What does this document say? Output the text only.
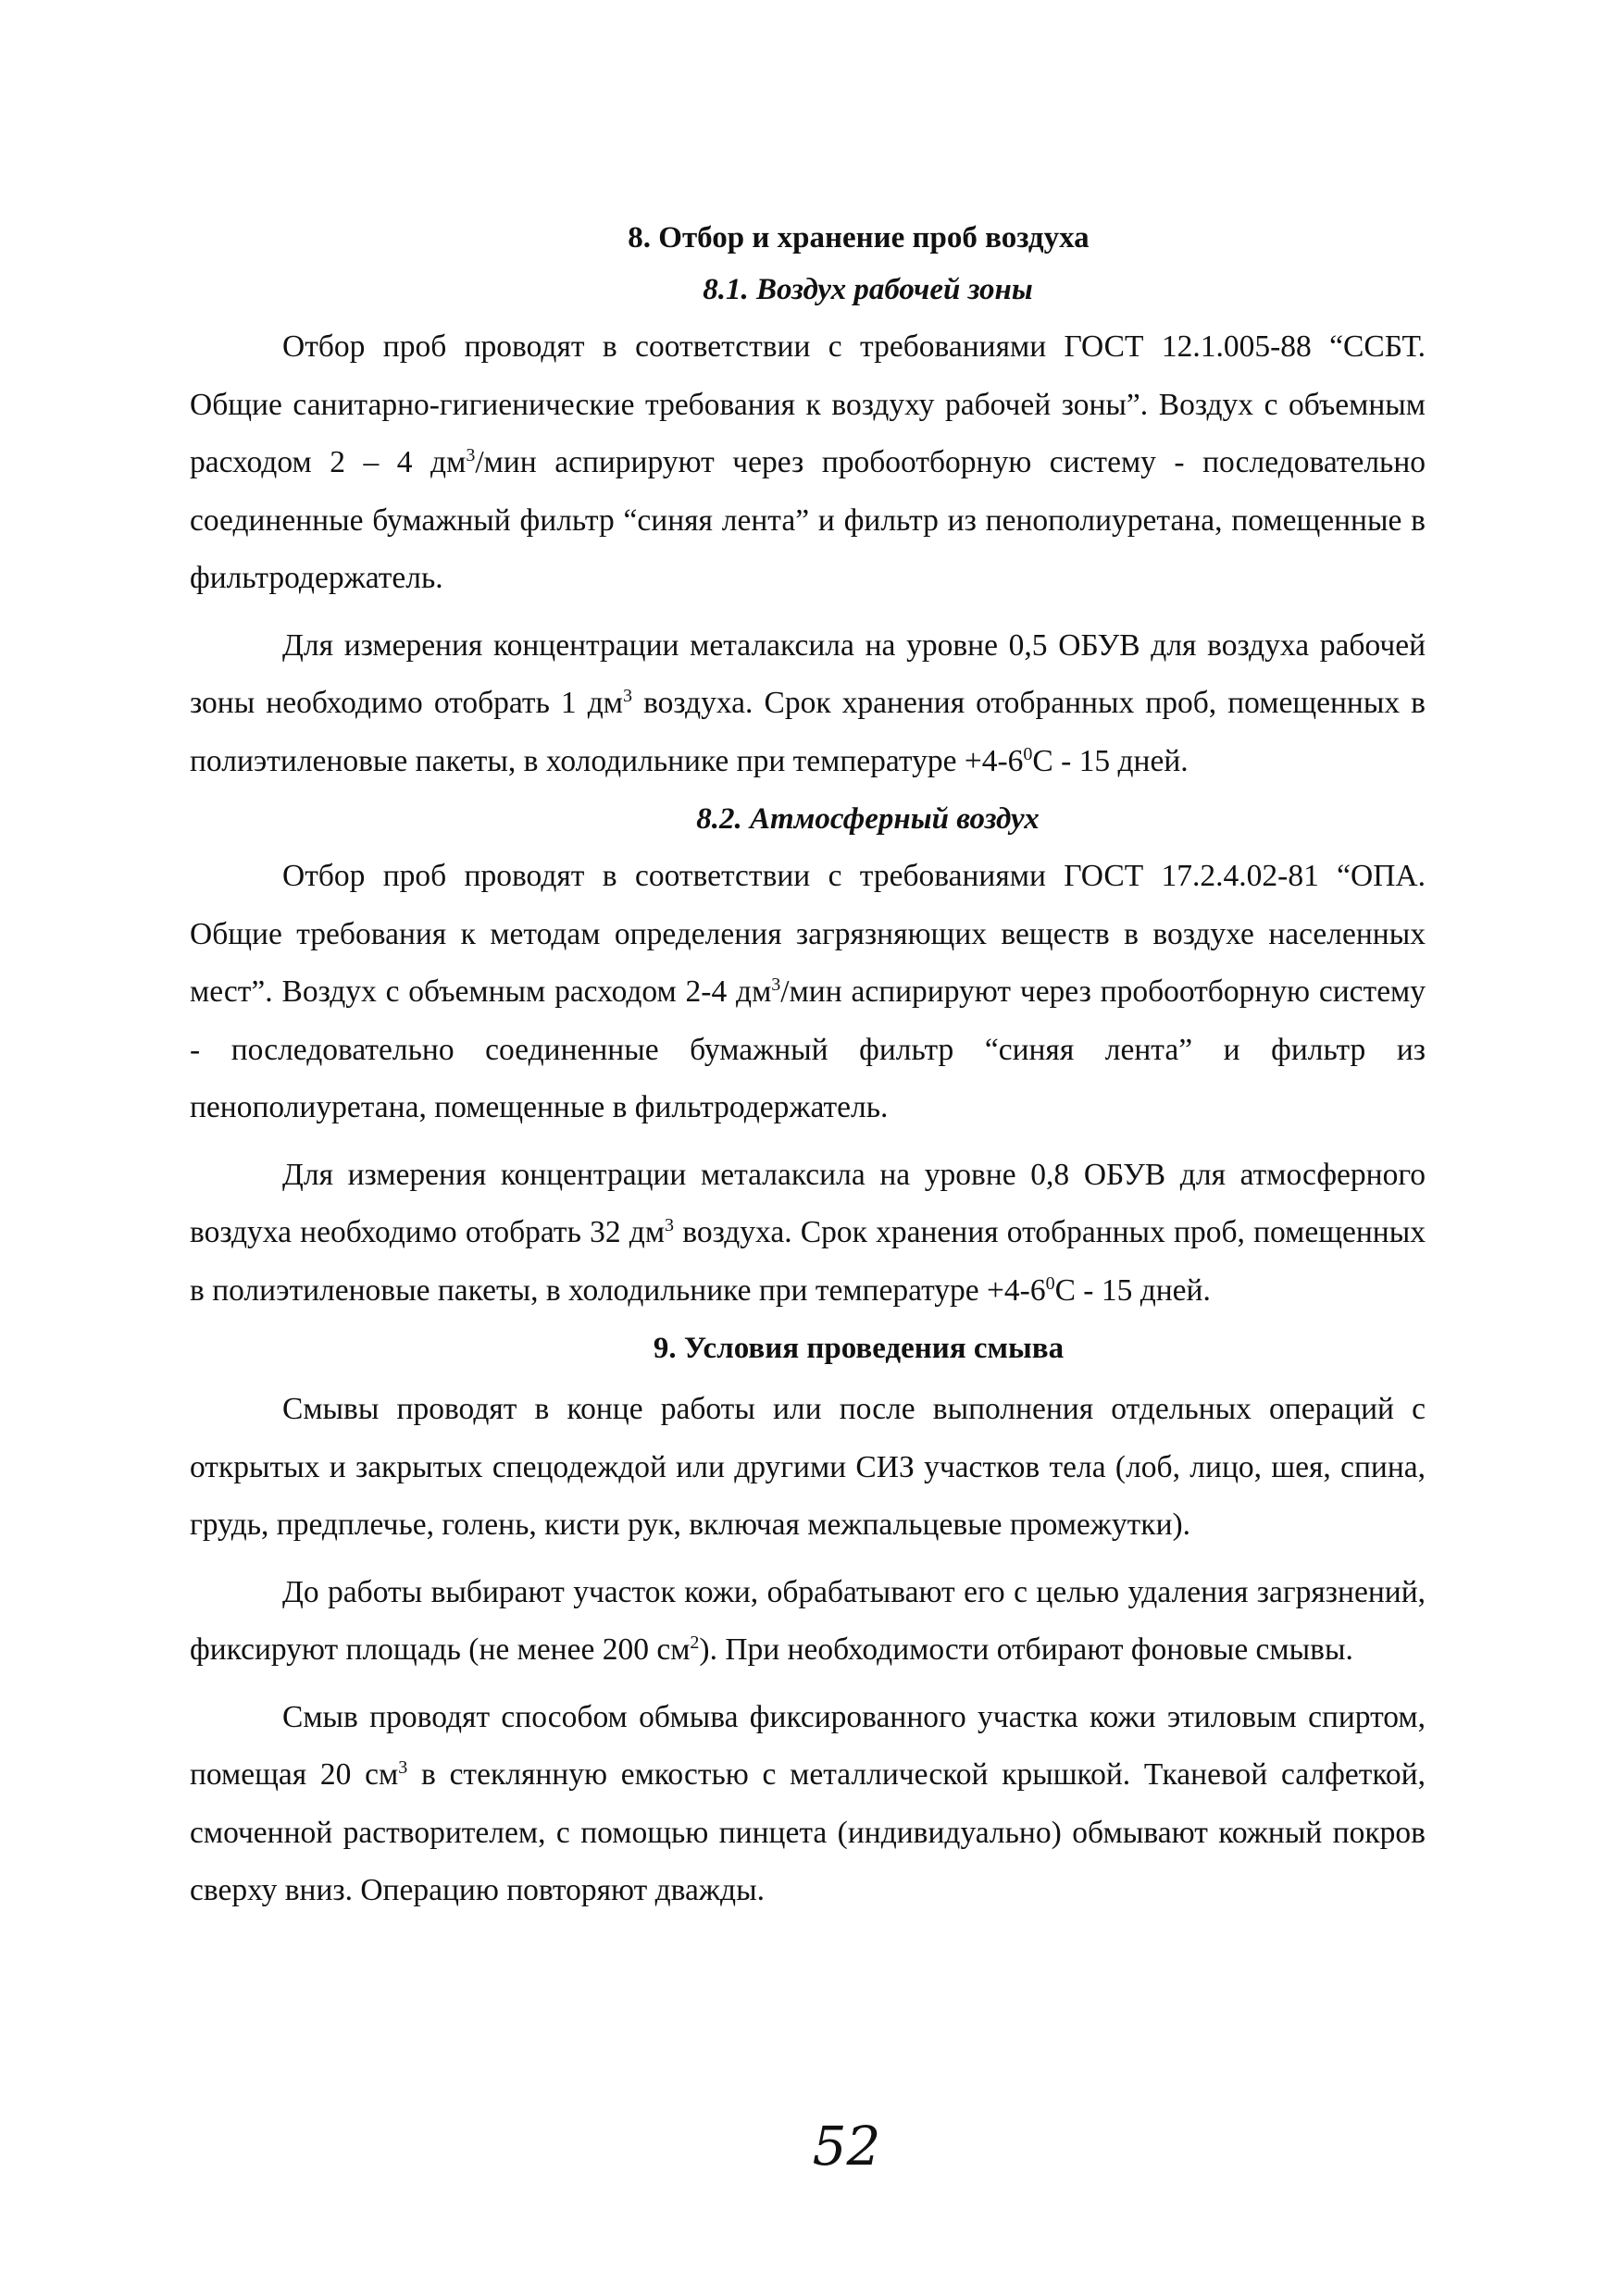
8. Отбор и хранение проб воздуха
8.1. Воздух рабочей зоны

Отбор проб проводят в соответствии с требованиями ГОСТ 12.1.005-88 “ССБТ. Общие санитарно-гигиенические требования к воздуху рабочей зоны”. Воздух с объемным расходом 2 – 4 $дм^3$/мин аспирируют через пробоотборную систему - последовательно соединенные бумажный фильтр “синяя лента” и фильтр из пенополиуретана, помещенные в фильтродержатель.

Для измерения концентрации металаксила на уровне 0,5 ОБУВ для воздуха рабочей зоны необходимо отобрать 1 $дм^3$ воздуха. Срок хранения отобранных проб, помещенных в полиэтиленовые пакеты, в холодильнике при температуре $+4-6^0С - 15$ дней.

8.2. Атмосферный воздух

Отбор проб проводят в соответствии с требованиями ГОСТ 17.2.4.02-81 “ОПА. Общие требования к методам определения загрязняющих веществ в воздухе населенных мест”. Воздух с объемным расходом 2-4 $дм^3$/мин аспирируют через пробоотборную систему - последовательно соединенные бумажный фильтр “синяя лента” и фильтр из пенополиуретана, помещенные в фильтродержатель.

Для измерения концентрации металаксила на уровне 0,8 ОБУВ для атмосферного воздуха необходимо отобрать 32 $дм^3$ воздуха. Срок хранения отобранных проб, помещенных в полиэтиленовые пакеты, в холодильнике при температуре $+4-6^0С - 15$ дней.

9. Условия проведения смыва

Смывы проводят в конце работы или после выполнения отдельных операций с открытых и закрытых спецодеждой или другими СИЗ участков тела (лоб, лицо, шея, спина, грудь, предплечье, голень, кисти рук, включая межпальцевые промежутки).

До работы выбирают участок кожи, обрабатывают его с целью удаления загрязнений, фиксируют площадь (не менее 200 $см^2$). При необходимости отбирают фоновые смывы.

Смыв проводят способом обмыва фиксированного участка кожи этиловым спиртом, помещая 20 $см^3$ в стеклянную емкостью с металлической крышкой. Тканевой салфеткой, смоченной растворителем, с помощью пинцета (индивидуально) обмывают кожный покров сверху вниз. Операцию повторяют дважды.

52
